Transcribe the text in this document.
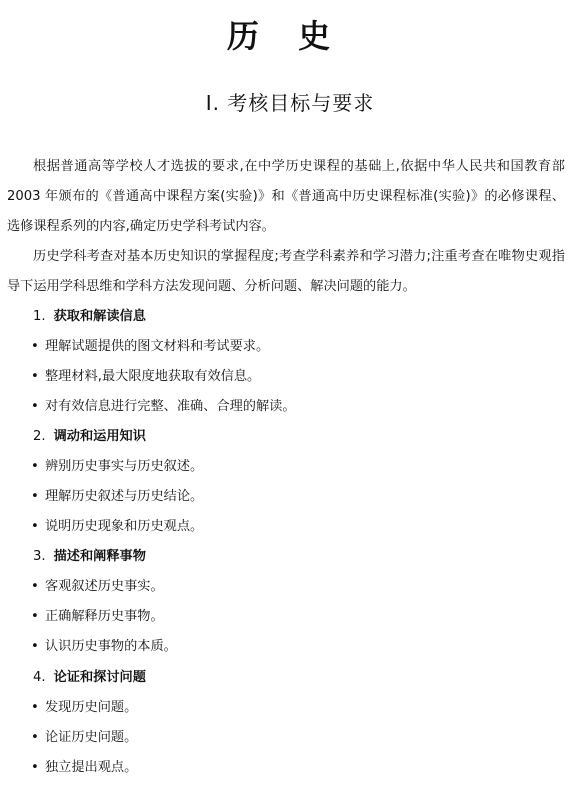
历 史
Ⅰ. 考核目标与要求
根据普通高等学校人才选拔的要求,在中学历史课程的基础上,依据中华人民共和国教育部 2003 年颁布的《普通高中课程方案(实验)》和《普通高中历史课程标准(实验)》的必修课程、选修课程系列的内容,确定历史学科考试内容。
历史学科考查对基本历史知识的掌握程度;考查学科素养和学习潜力;注重考查在唯物史观指导下运用学科思维和学科方法发现问题、分析问题、解决问题的能力。
1. 获取和解读信息
• 理解试题提供的图文材料和考试要求。
• 整理材料,最大限度地获取有效信息。
• 对有效信息进行完整、准确、合理的解读。
2. 调动和运用知识
• 辨别历史事实与历史叙述。
• 理解历史叙述与历史结论。
• 说明历史现象和历史观点。
3. 描述和阐释事物
• 客观叙述历史事实。
• 正确解释历史事物。
• 认识历史事物的本质。
4. 论证和探讨问题
• 发现历史问题。
• 论证历史问题。
• 独立提出观点。
